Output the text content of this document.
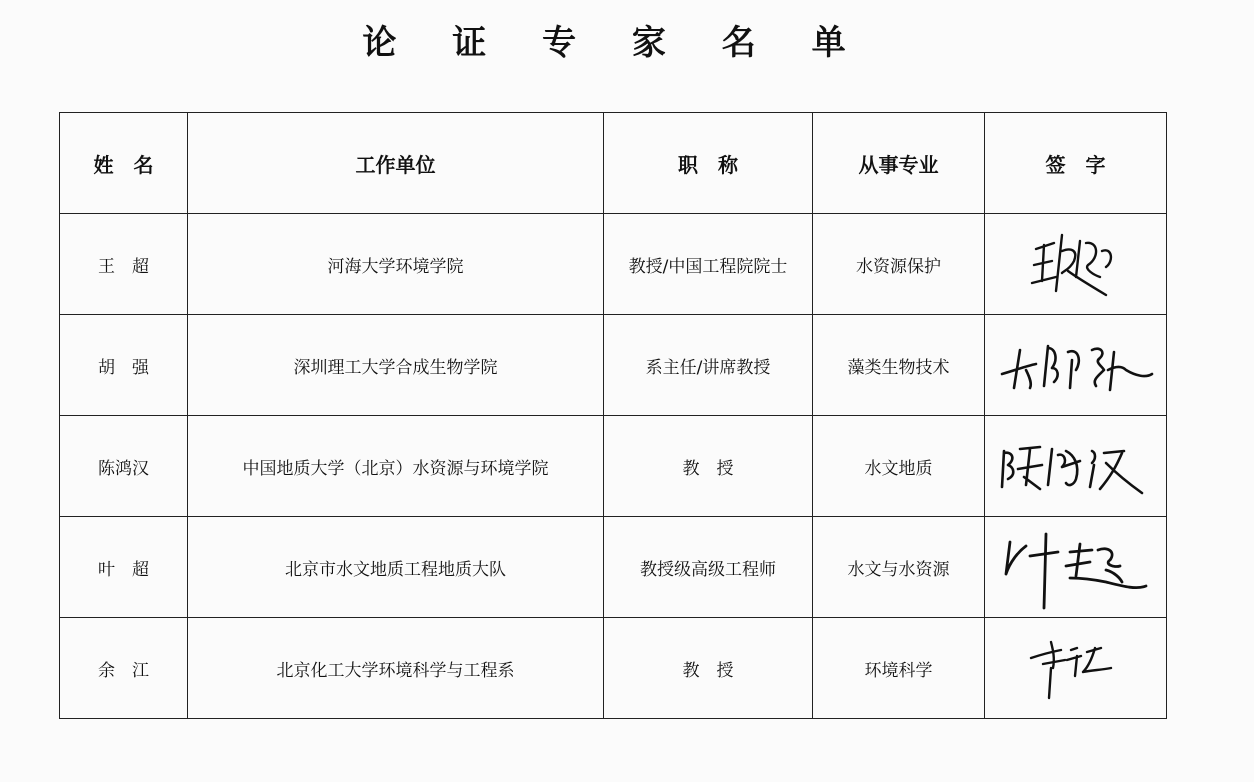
论 证 专 家 名 单
姓　名	工作单位	职　称	从事专业	签　字
王　超	河海大学环境学院	教授/中国工程院院士	水资源保护	

胡　强	深圳理工大学合成生物学院	系主任/讲席教授	藻类生物技术	

陈鸿汉	中国地质大学（北京）水资源与环境学院	教　授	水文地质	

叶　超	北京市水文地质工程地质大队	教授级高级工程师	水文与水资源	

余　江	北京化工大学环境科学与工程系	教　授	环境科学	
